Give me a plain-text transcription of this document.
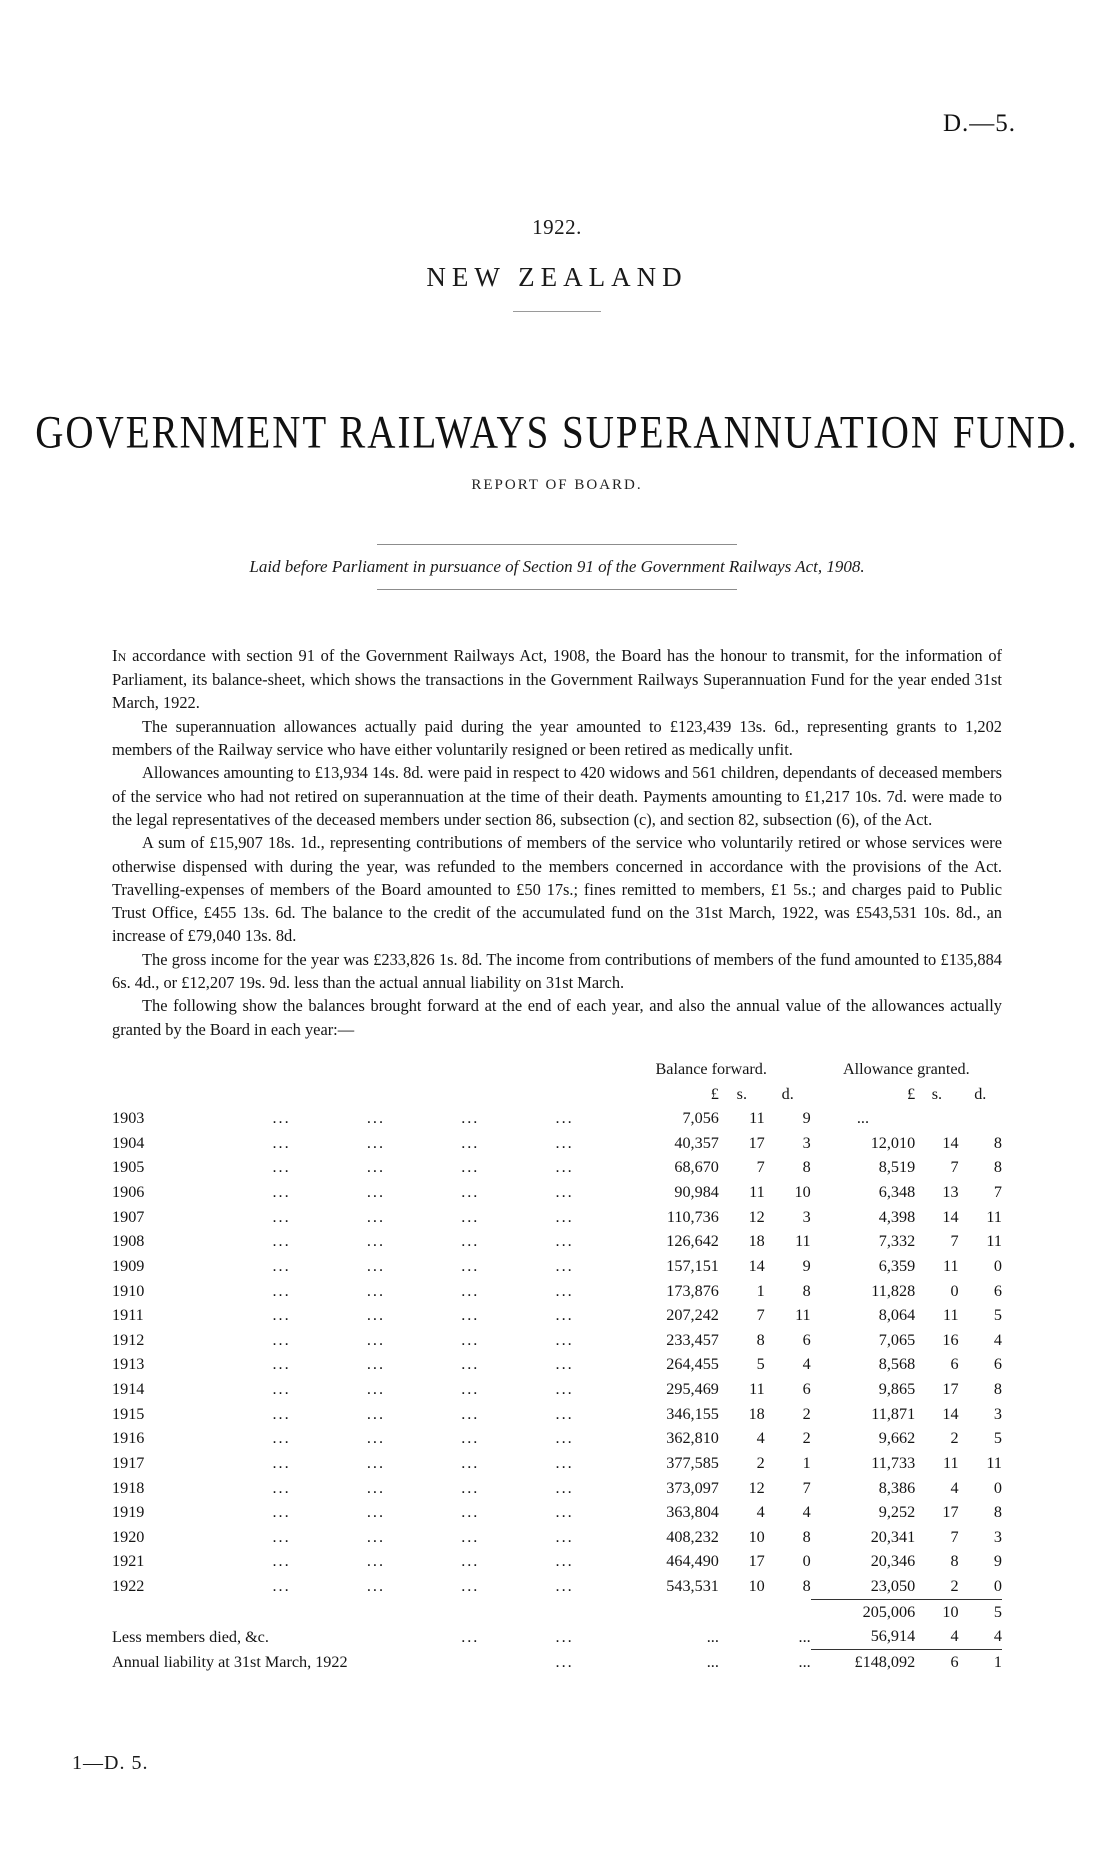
D.—5.
1922.
NEW ZEALAND
GOVERNMENT RAILWAYS SUPERANNUATION FUND.
REPORT OF BOARD.
Laid before Parliament in pursuance of Section 91 of the Government Railways Act, 1908.

In accordance with section 91 of the Government Railways Act, 1908, the Board has the honour to transmit, for the information of Parliament, its balance-sheet, which shows the transactions in the Government Railways Superannuation Fund for the year ended 31st March, 1922.

The superannuation allowances actually paid during the year amounted to £123,439 13s. 6d., representing grants to 1,202 members of the Railway service who have either voluntarily resigned or been retired as medically unfit.

Allowances amounting to £13,934 14s. 8d. were paid in respect to 420 widows and 561 children, dependants of deceased members of the service who had not retired on superannuation at the time of their death. Payments amounting to £1,217 10s. 7d. were made to the legal representatives of the deceased members under section 86, subsection (c), and section 82, subsection (6), of the Act.

A sum of £15,907 18s. 1d., representing contributions of members of the service who voluntarily retired or whose services were otherwise dispensed with during the year, was refunded to the members concerned in accordance with the provisions of the Act. Travelling-expenses of members of the Board amounted to £50 17s.; fines remitted to members, £1 5s.; and charges paid to Public Trust Office, £455 13s. 6d. The balance to the credit of the accumulated fund on the 31st March, 1922, was £543,531 10s. 8d., an increase of £79,040 13s. 8d.

The gross income for the year was £233,826 1s. 8d. The income from contributions of members of the fund amounted to £135,884 6s. 4d., or £12,207 19s. 9d. less than the actual annual liability on 31st March.

The following show the balances brought forward at the end of each year, and also the annual value of the allowances actually granted by the Board in each year:—

					Balance forward.			Allowance granted.		
					£	s.	d.	£	s.	d.
1903	...	...	...	...	7,056	11	9	...		
1904	...	...	...	...	40,357	17	3	12,010	14	8
1905	...	...	...	...	68,670	7	8	8,519	7	8
1906	...	...	...	...	90,984	11	10	6,348	13	7
1907	...	...	...	...	110,736	12	3	4,398	14	11
1908	...	...	...	...	126,642	18	11	7,332	7	11
1909	...	...	...	...	157,151	14	9	6,359	11	0
1910	...	...	...	...	173,876	1	8	11,828	0	6
1911	...	...	...	...	207,242	7	11	8,064	11	5
1912	...	...	...	...	233,457	8	6	7,065	16	4
1913	...	...	...	...	264,455	5	4	8,568	6	6
1914	...	...	...	...	295,469	11	6	9,865	17	8
1915	...	...	...	...	346,155	18	2	11,871	14	3
1916	...	...	...	...	362,810	4	2	9,662	2	5
1917	...	...	...	...	377,585	2	1	11,733	11	11
1918	...	...	...	...	373,097	12	7	8,386	4	0
1919	...	...	...	...	363,804	4	4	9,252	17	8
1920	...	...	...	...	408,232	10	8	20,341	7	3
1921	...	...	...	...	464,490	17	0	20,346	8	9
1922	...	...	...	...	543,531	10	8	23,050	2	0
								205,006	10	5
Less members died, &c.			...	...	...		...	56,914	4	4
Annual liability at 31st March, 1922				...	...		...	£148,092	6	1
1—D. 5.
